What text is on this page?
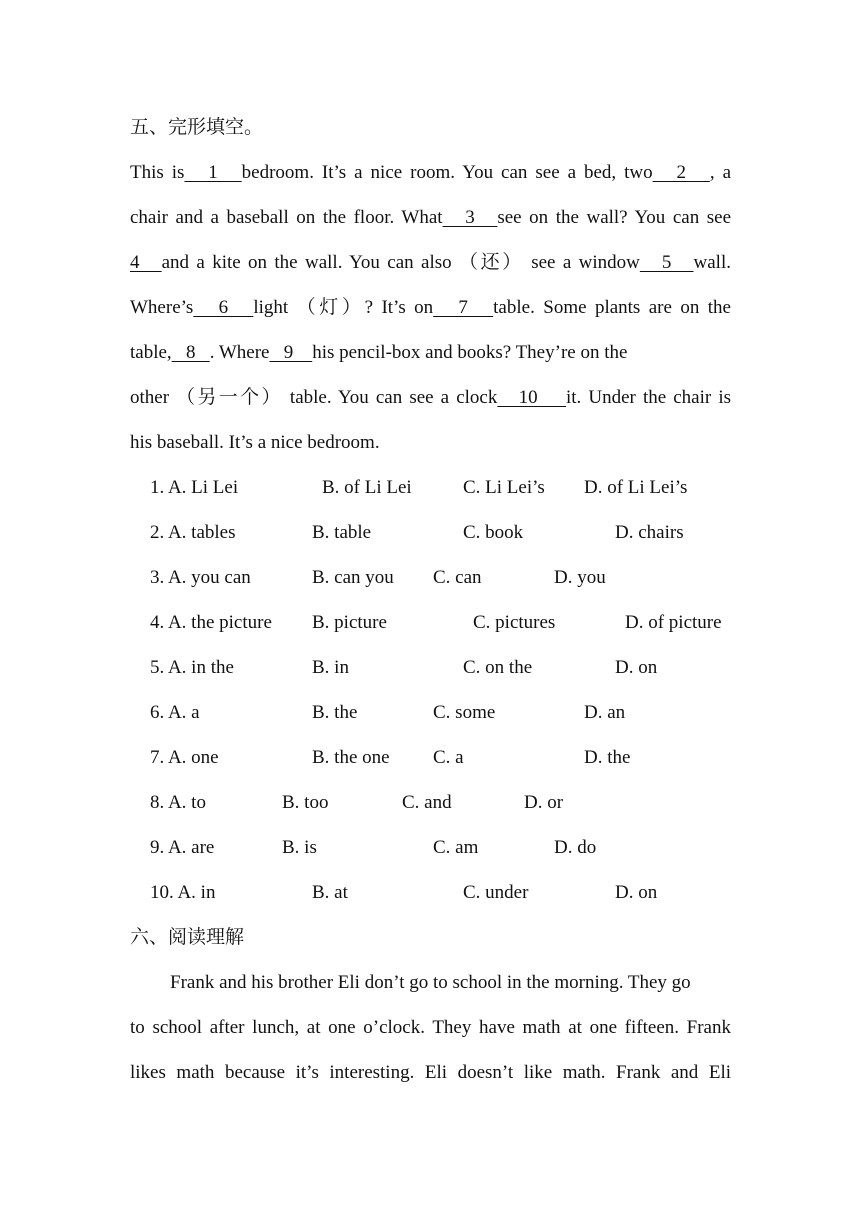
五、完形填空。
This is   1   bedroom. It’s a nice room. You can see a bed, two   2   , a
chair and a baseball on the floor. What   3   see on the wall? You can see
4   and a kite on the wall. You can also （还） see a window   5   wall.
Where’s   6   light （灯）? It’s on   7   table. Some plants are on the
table,   8   . Where   9    his pencil-box and books? They’re on the
other （另一个） table. You can see a clock   10    it. Under the chair is
his baseball. It’s a nice bedroom.
1. A. Li Lei	B. of Li Lei	C. Li Lei’s D. of Li Lei’s
2. A. tables	B. table	C. book	D. chairs
3. A. you can	B. can you C. can	D. you
4. A. the picture B. picture	C. pictures	D. of picture
5. A. in the	B. in	C. on the	D. on
6. A. a	B. the	C. some	D. an
7. A. one	B. the one C. a	D. the
8. A. to	B. too	C. and	D. or
9. A. are	B. is	C. am	D. do
10. A. in	B. at	C. under	D. on
六、阅读理解
Frank and his brother Eli don’t go to school in the morning. They go
to school after lunch, at one o’clock. They have math at one fifteen. Frank
likes math because it’s interesting. Eli doesn’t like math. Frank and Eli
